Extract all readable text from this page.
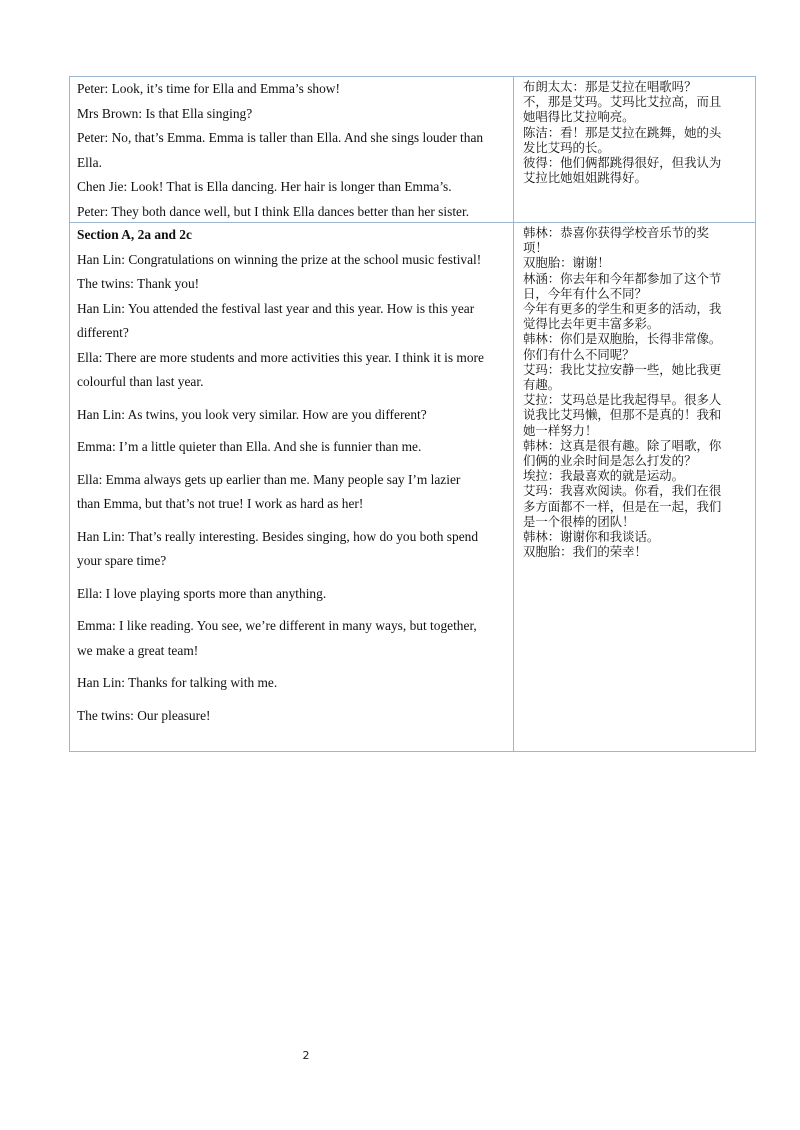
Peter: Look, it’s time for Ella and Emma’s show!
Mrs Brown: Is that Ella singing?
Peter: No, that’s Emma. Emma is taller than Ella. And she sings louder than
Ella.
Chen Jie: Look! That is Ella dancing. Her hair is longer than Emma’s.
Peter: They both dance well, but I think Ella dances better than her sister.
布朗太太：那是艾拉在唱歌吗？
不，那是艾玛。艾玛比艾拉高，而且
她唱得比艾拉响亮。
陈洁：看！那是艾拉在跳舞，她的头
发比艾玛的长。
彼得：他们俩都跳得很好，但我认为
艾拉比她姐姐跳得好。
Section A, 2a and 2c
Han Lin: Congratulations on winning the prize at the school music festival!
The twins: Thank you!
Han Lin: You attended the festival last year and this year. How is this year
different?
Ella: There are more students and more activities this year. I think it is more
colourful than last year.
Han Lin: As twins, you look very similar. How are you different?
Emma: I’m a little quieter than Ella. And she is funnier than me.
Ella: Emma always gets up earlier than me. Many people say I’m lazier
than Emma, but that’s not true! I work as hard as her!
Han Lin: That’s really interesting. Besides singing, how do you both spend
your spare time?
Ella: I love playing sports more than anything.
Emma: I like reading. You see, we’re different in many ways, but together,
we make a great team!
Han Lin: Thanks for talking with me.
The twins: Our pleasure!
韩林：恭喜你获得学校音乐节的奖
项！
双胞胎：谢谢！
林涵：你去年和今年都参加了这个节
日，今年有什么不同？
今年有更多的学生和更多的活动，我
觉得比去年更丰富多彩。
韩林：你们是双胞胎，长得非常像。
你们有什么不同呢？
艾玛：我比艾拉安静一些，她比我更
有趣。
艾拉：艾玛总是比我起得早。很多人
说我比艾玛懒，但那不是真的！我和
她一样努力！
韩林：这真是很有趣。除了唱歌，你
们俩的业余时间是怎么打发的？
埃拉：我最喜欢的就是运动。
艾玛：我喜欢阅读。你看，我们在很
多方面都不一样，但是在一起，我们
是一个很棒的团队！
韩林：谢谢你和我谈话。
双胞胎：我们的荣幸！
2
